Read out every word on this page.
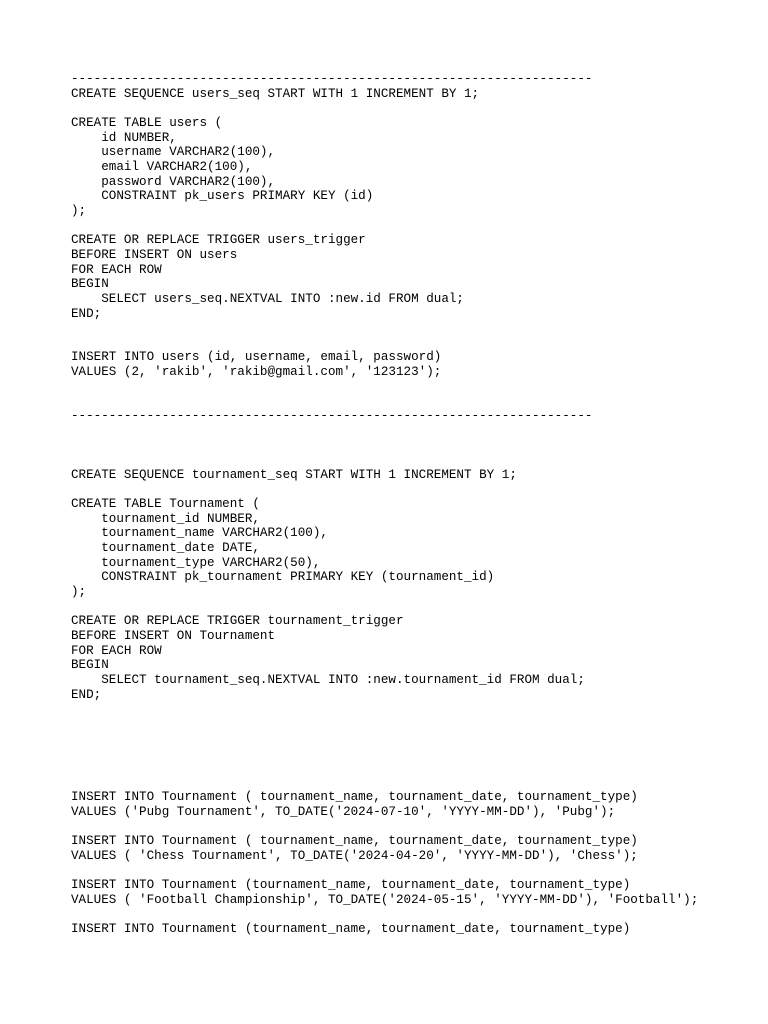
---------------------------------------------------------------------
CREATE SEQUENCE users_seq START WITH 1 INCREMENT BY 1;
CREATE TABLE users (
id NUMBER,
username VARCHAR2(100),
email VARCHAR2(100),
password VARCHAR2(100),
CONSTRAINT pk_users PRIMARY KEY (id)
);
CREATE OR REPLACE TRIGGER users_trigger
BEFORE INSERT ON users
FOR EACH ROW
BEGIN
SELECT users_seq.NEXTVAL INTO :new.id FROM dual;
END;
INSERT INTO users (id, username, email, password)
VALUES (2, 'rakib', 'rakib@gmail.com', '123123');
---------------------------------------------------------------------
CREATE SEQUENCE tournament_seq START WITH 1 INCREMENT BY 1;
CREATE TABLE Tournament (
tournament_id NUMBER,
tournament_name VARCHAR2(100),
tournament_date DATE,
tournament_type VARCHAR2(50),
CONSTRAINT pk_tournament PRIMARY KEY (tournament_id)
);
CREATE OR REPLACE TRIGGER tournament_trigger
BEFORE INSERT ON Tournament
FOR EACH ROW
BEGIN
SELECT tournament_seq.NEXTVAL INTO :new.tournament_id FROM dual;
END;
INSERT INTO Tournament ( tournament_name, tournament_date, tournament_type)
VALUES ('Pubg Tournament', TO_DATE('2024-07-10', 'YYYY-MM-DD'), 'Pubg');
INSERT INTO Tournament ( tournament_name, tournament_date, tournament_type)
VALUES ( 'Chess Tournament', TO_DATE('2024-04-20', 'YYYY-MM-DD'), 'Chess');
INSERT INTO Tournament (tournament_name, tournament_date, tournament_type)
VALUES ( 'Football Championship', TO_DATE('2024-05-15', 'YYYY-MM-DD'), 'Football');
INSERT INTO Tournament (tournament_name, tournament_date, tournament_type)
